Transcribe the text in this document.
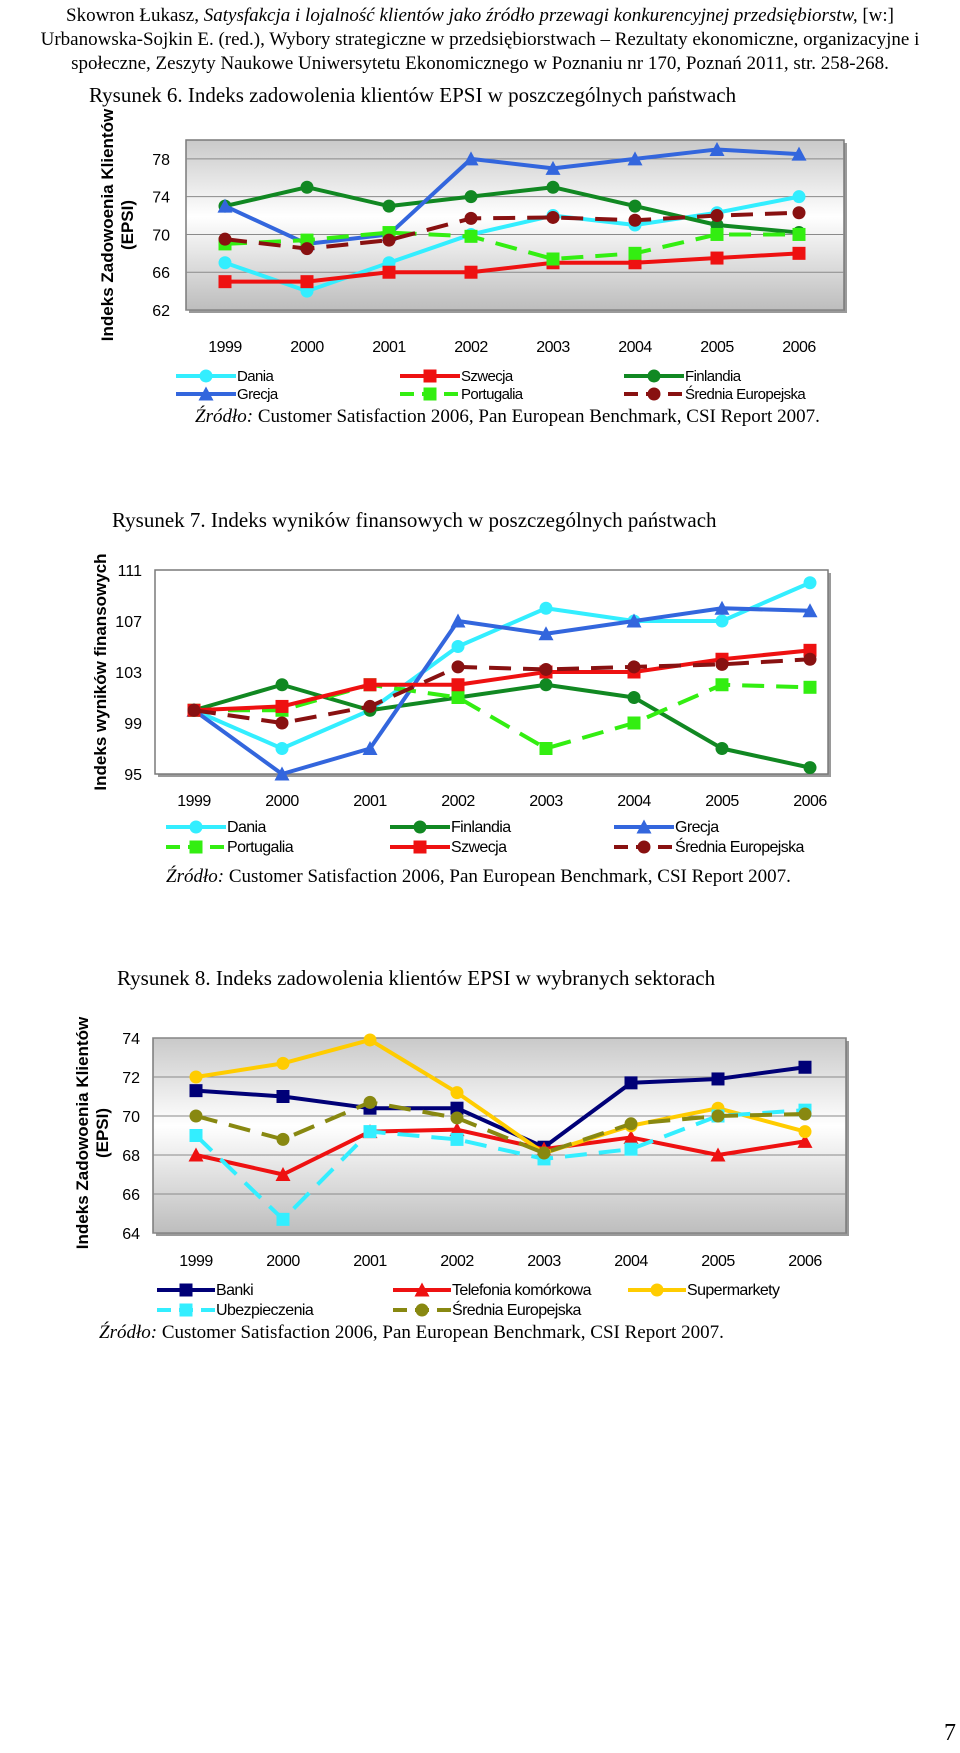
Skowron Łukasz, Satysfakcja i lojalność klientów jako źródło przewagi konkurencyjnej przedsiębiorstw, [w:]
Urbanowska-Sojkin E. (red.), Wybory strategiczne w przedsiębiorstwach – Rezultaty ekonomiczne, organizacyjne i
społeczne, Zeszyty Naukowe Uniwersytetu Ekonomicznego w Poznaniu nr 170, Poznań 2011, str. 258-268.
Rysunek 6. Indeks zadowolenia klientów EPSI w poszczególnych państwach
62
66
70
74
78
1999	2000	2001	2002	2003	2004	2005	2006
Indeks Zadowoenia Klientów(EPSI)
Dania	Szwecja	Finlandia
Grecja	Portugalia	Średnia Europejska
Źródło: Customer Satisfaction 2006, Pan European Benchmark, CSI Report 2007.
Rysunek 7. Indeks wyników finansowych w poszczególnych państwach
95
99
103
107
111
1999	2000	2001	2002	2003	2004	2005	2006
Indeks wyników finansowych
Dania	Finlandia	Grecja
Portugalia	Szwecja	Średnia Europejska
Źródło: Customer Satisfaction 2006, Pan European Benchmark, CSI Report 2007.
Rysunek 8. Indeks zadowolenia klientów EPSI w wybranych sektorach
64
66
68
70
72
74
1999	2000	2001	2002	2003	2004	2005	2006
Indeks Zadowoenia Klientów(EPSI)
Banki	Telefonia komórkowa	Supermarkety
Ubezpieczenia	Średnia Europejska
Źródło: Customer Satisfaction 2006, Pan European Benchmark, CSI Report 2007.
7
